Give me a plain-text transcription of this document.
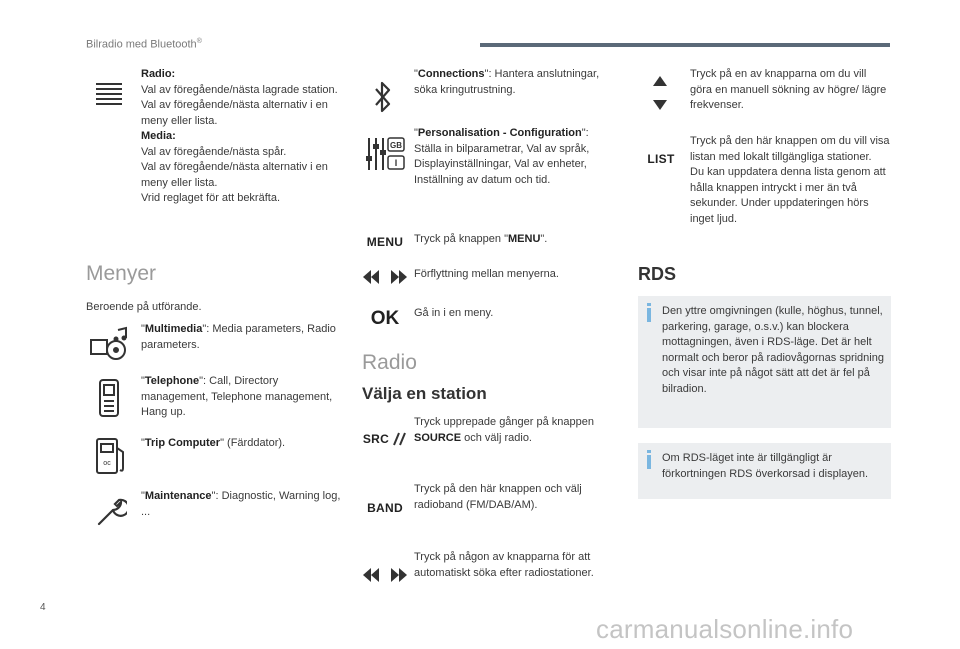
Bilradio med Bluetooth®

Radio:

Val av föregående/nästa lagrade station.

Val av föregående/nästa alternativ i en meny eller lista.

Media:

Val av föregående/nästa spår.

Val av föregående/nästa alternativ i en meny eller lista.

Vrid reglaget för att bekräfta.

Menyer
Beroende på utförande.
"Multimedia": Media parameters, Radio parameters.
"Telephone": Call, Directory management, Telephone management, Hang up.
oc
"Trip Computer" (Färddator).
"Maintenance": Diagnostic, Warning log, ...
"Connections": Hantera anslutningar, söka kringutrustning.
GB
I
"Personalisation - Configuration": Ställa in bilparametrar, Val av språk, Displayinställningar, Val av enheter, Inställning av datum och tid.
MENU Tryck på knappen "MENU".
Förflyttning mellan menyerna.
OK	Gå in i en meny.
Radio
Välja en station
SRC
Tryck upprepade gånger på knappen SOURCE och välj radio.
BAND
Tryck på den här knappen och välj radioband (FM/DAB/AM).
Tryck på någon av knapparna för att automatiskt söka efter radiostationer.
Tryck på en av knapparna om du vill göra en manuell sökning av högre/ lägre frekvenser.
LIST

Tryck på den här knappen om du vill visa listan med lokalt tillgängliga stationer.

Du kan uppdatera denna lista genom att hålla knappen intryckt i mer än två sekunder. Under uppdateringen hörs inget ljud.

RDS
Den yttre omgivningen (kulle, höghus, tunnel, parkering, garage, o.s.v.) kan blockera mottagningen, även i RDS-läge. Det är helt normalt och beror på radiovågornas spridning och visar inte på något sätt att det är fel på bilradion.
Om RDS-läget inte är tillgängligt är förkortningen RDS överkorsad i displayen.
4
carmanualsonline.info
